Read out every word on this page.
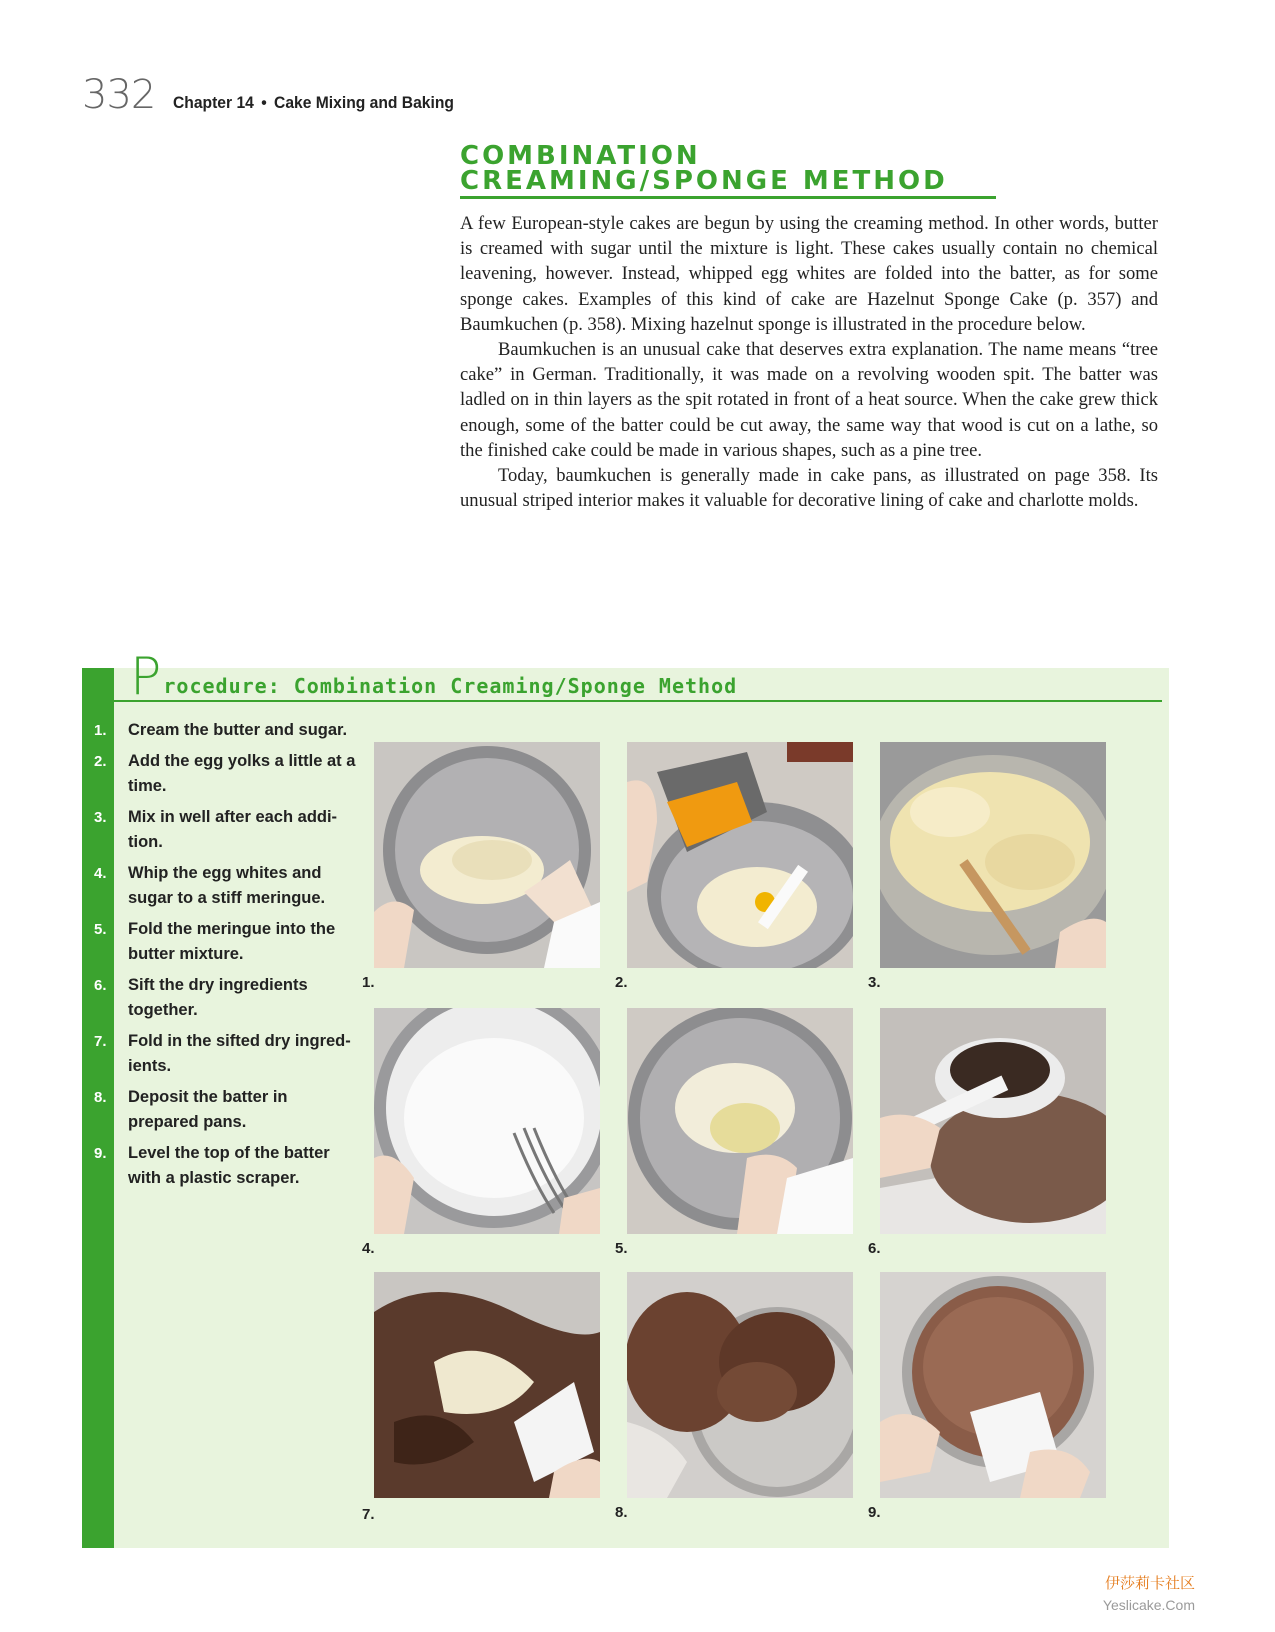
332 Chapter 14 • Cake Mixing and Baking
COMBINATION
CREAMING/SPONGE METHOD

A few European-style cakes are begun by using the creaming method. In other words, butter is creamed with sugar until the mixture is light. These cakes usually contain no chemical leavening, however. Instead, whipped egg whites are folded into the batter, as for some sponge cakes. Examples of this kind of cake are Hazelnut Sponge Cake (p. 357) and Baumkuchen (p. 358). Mixing hazelnut sponge is illustrated in the procedure below.

Baumkuchen is an unusual cake that deserves extra explanation. The name means “tree cake” in German. Traditionally, it was made on a revolving wooden spit. The batter was ladled on in thin layers as the spit rotated in front of a heat source. When the cake grew thick enough, some of the batter could be cut away, the same way that wood is cut on a lathe, so the finished cake could be made in various shapes, such as a pine tree.

Today, baumkuchen is generally made in cake pans, as illustrated on page 358. Its unusual striped interior makes it valuable for decorative lining of cake and charlotte molds.

P rocedure: Combination Creaming/Sponge Method
1. Cream the butter and sugar.
2. Add the egg yolks a little at a time.
3. Mix in well after each addi-tion.
4. Whip the egg whites and sugar to a stiff meringue.
5. Fold the meringue into the butter mixture.
6. Sift the dry ingredients together.
7. Fold in the sifted dry ingred-ients.
8. Deposit the batter in prepared pans.
9. Level the top of the batter with a plastic scraper.
1.	2.	3.
4.	5.	6.
7.	8.	9.
伊莎莉卡社区
Yeslicake.Com
